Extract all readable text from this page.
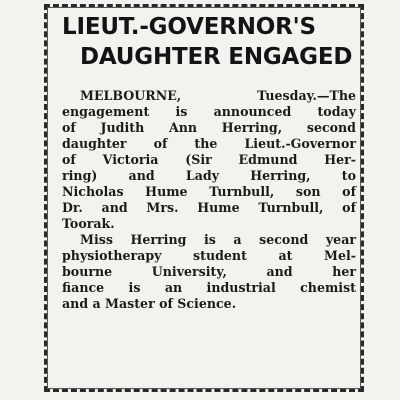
LIEUT.-GOVERNOR'S
DAUGHTER ENGAGED
MELBOURNE, Tuesday.—The
engagement is announced today
of Judith Ann Herring, second
daughter of the Lieut.-Governor
of Victoria (Sir Edmund Her-
ring) and Lady Herring, to
Nicholas Hume Turnbull, son of
Dr. and Mrs. Hume Turnbull, of
Toorak.
Miss Herring is a second year
physiotherapy student at Mel-
bourne University, and her
fiance is an industrial chemist
and a Master of Science.
